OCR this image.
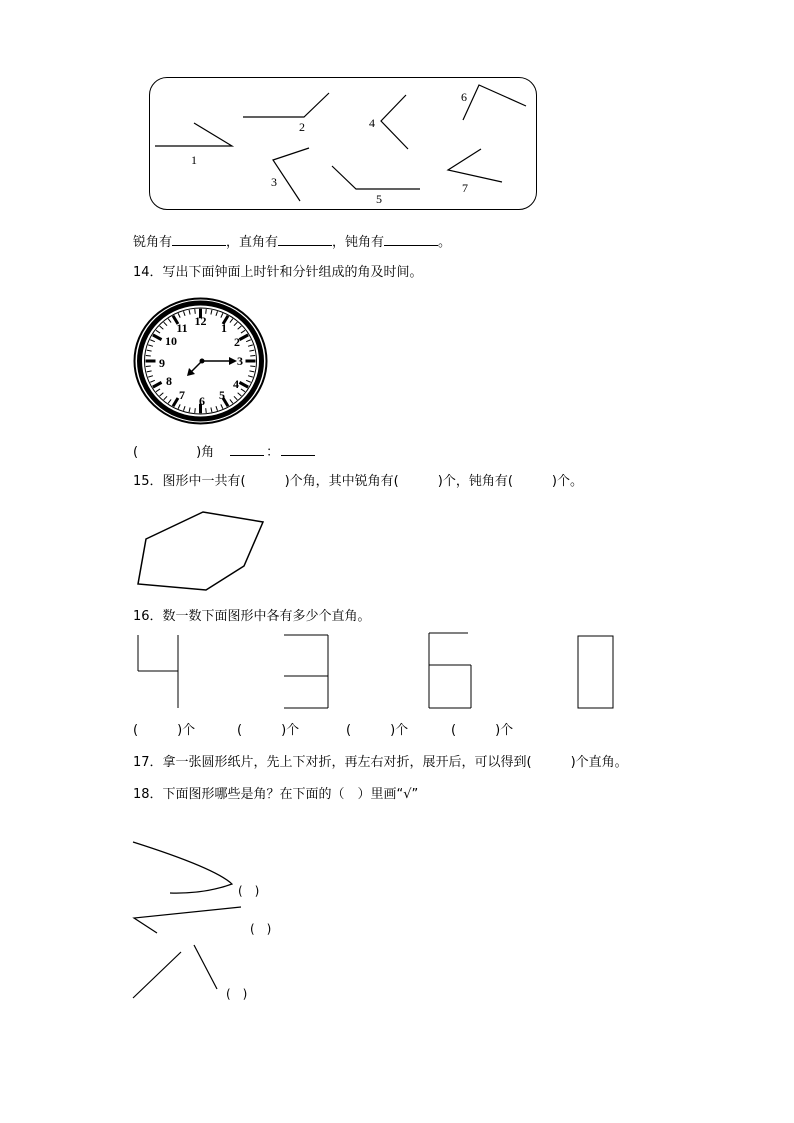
1
2
3
4
5
6
7
锐角有	，直角有	，钝角有	。
14．写出下面钟面上时针和分针组成的角及时间。
12 1
2
3
4
5
6
7
8
9
10
11
(	)角	：
15．图形中一共有(　　　)个角，其中锐角有(　　　)个，钝角有(　　　)个。
16．数一数下面图形中各有多少个直角。
(　　　)个	(　　　)个	(　　　)个	(　　　)个
17．拿一张圆形纸片，先上下对折，再左右对折，展开后，可以得到(　　　)个直角。
18．下面图形哪些是角？在下面的（　）里画“√”
(　)
(　)
(　)
